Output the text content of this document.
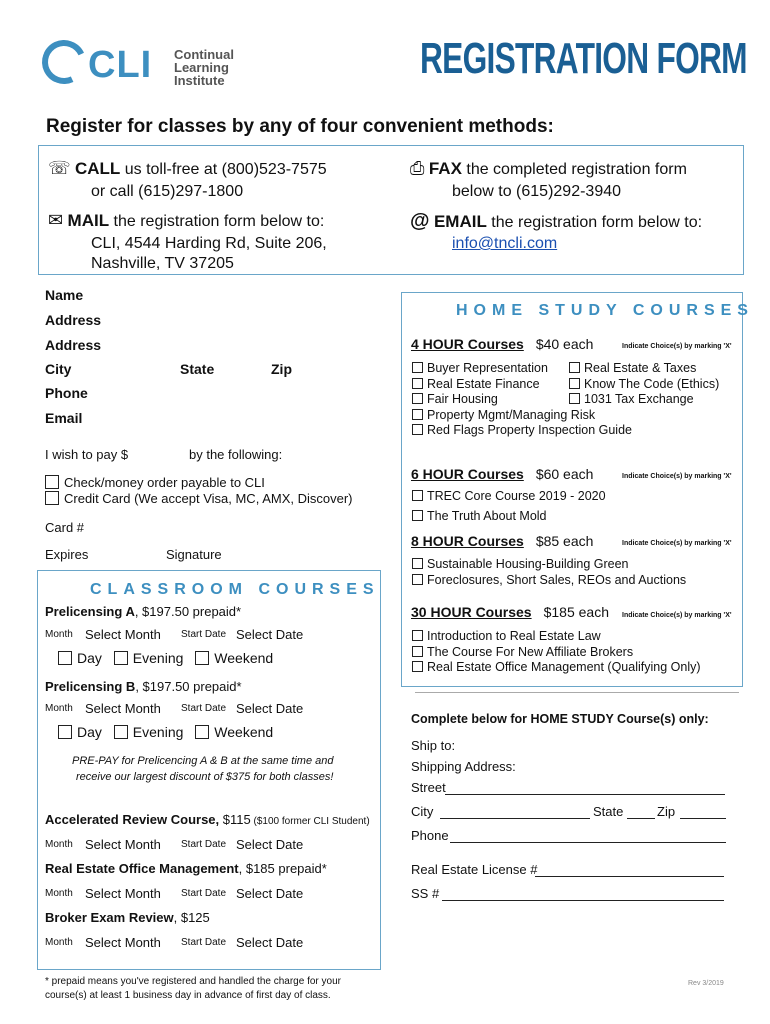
CLI Continual
Learning
Institute	REGISTRATION FORM
Register for classes by any of four convenient methods:
☏ CALL us toll-free at (800)523-7575
or call (615)297-1800
⎙ FAX the completed registration form
below to (615)292-3940
✉ MAIL the registration form below to:
CLI, 4544 Harding Rd, Suite 206,
Nashville, TV 37205
@ EMAIL the registration form below to:
info@tncli.com
Name
Address
Address
City	State	Zip
Phone
Email
I wish to pay $	by the following:
Check/money order payable to CLI
Credit Card (We accept Visa, MC, AMX, Discover)
Card #
Expires	Signature
CLASSROOM COURSES
Prelicensing A, $197.50 prepaid*
Month Select Month Start Date Select Date
Day Evening Weekend
Prelicensing B, $197.50 prepaid*
Month Select Month Start Date Select Date
Day Evening Weekend
PRE-PAY for Prelicencing A & B at the same time and
receive our largest discount of $375 for both classes!
Accelerated Review Course, $115 ($100 former CLI Student)
Month Select Month Start Date Select Date
Real Estate Office Management, $185 prepaid*
Month Select Month Start Date Select Date
Broker Exam Review, $125
Month Select Month Start Date Select Date
* prepaid means you've registered and handled the charge for your
course(s) at least 1 business day in advance of first day of class.
HOME STUDY COURSES
4 HOUR Courses $40 each	Indicate Choice(s) by marking 'X'
Buyer Representation
Real Estate Finance
Fair Housing
Property Mgmt/Managing Risk
Red Flags Property Inspection Guide
Real Estate & Taxes
Know The Code (Ethics)
1031 Tax Exchange
6 HOUR Courses $60 each	Indicate Choice(s) by marking 'X'
TREC Core Course 2019 - 2020
The Truth About Mold
8 HOUR Courses $85 each	Indicate Choice(s) by marking 'X'
Sustainable Housing-Building Green
Foreclosures, Short Sales, REOs and Auctions
30 HOUR Courses $185 each Indicate Choice(s) by marking 'X'
Introduction to Real Estate Law
The Course For New Affiliate Brokers
Real Estate Office Management (Qualifying Only)
Complete below for HOME STUDY Course(s) only:
Ship to:
Shipping Address:
Street
City	State	Zip
Phone
Real Estate License #
SS #
Rev 3/2019
